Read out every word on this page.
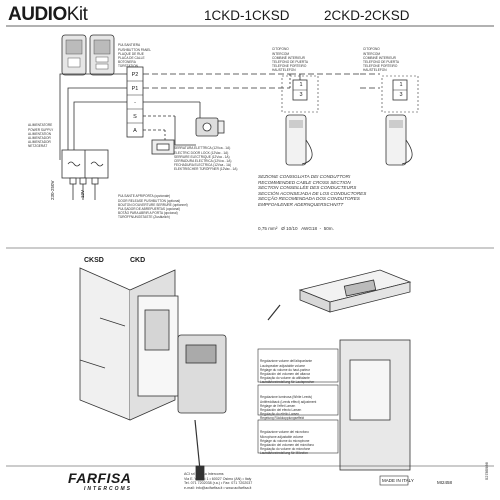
AUDIOKit	1CKD-1CKSD	2CKD-2CKSD

PULSANTIERA
PUSHBUTTON PANEL
PLAQUE DE RUE
PLACA DE CALLE
BOTONERA
TÜRSTATION

CITOFONO
INTERCOM
COMBINÉ INTERIEUR
TELEFONO DE PUERTA
TELEFONE PORTEIRO
HAUSTELEFON

CITOFONO
INTERCOM
COMBINÉ INTERIEUR
TELEFONO DE PUERTA
TELEFONE PORTEIRO
HAUSTELEFON

P2
P1
-
S
A
1
3
1
3

ALIMENTATORE
POWER SUPPLY
ALIMENTATION
ALIMENTADOR
ALIMENTADOR
NETZGERÄT

230-250V	12V

SERRATURA ELETTRICA (12Vca - 1A)
ELECTRIC DOOR LOCK (12Vac - 1A)
SERRURE ELECTRIQUE (12Vca - 1A)
CERRADURA ELECTRICA (12Vca - 1A)
FECHADURA ELECTRICA (12Vca - 1A)
ELEKTRISCHER TÜRÖFFNER (12Vac - 1A)

PULSANTE APRIPORTA (opzionale)
DOOR RELEASE PUSHBUTTON (optional)
BOUTON D'OUVERTURE SERRURE (optionnel)
PULSADOR DE ABREPUERTAS (opcional)
BOTÃO PARA ABRIR A PORTA (opcional)
TÜRÖFFNUNGSTASTE (Zusätzlich)

SEZIONE CONSIGLIATA DEI CONDUTTORI
RECOMMENDED CABLE CROSS SECTION
SECTION CONSEILLÉE DES CONDUCTEURS
SECCIÓN ACONSEJADA DE LOS CONDUCTORES
SECÇÃO RECOMENDADA DOS CONDUTORES
EMPFOHLENER ADERNQUERSCHNITT
0,75 mm²   Ø 10/10   AWG18  -  50m.
CKSD	CKD

Regolazione volume dell'altoparlante
Loudspeaker adjustable volume
Réglage du volume du haut-parleur
Regulación del volumen del altavoz
Regulação do volume do altifalante
Lautstärkeeinstellung für Lautsprecher

Regolazione luminosa (White Leeds)
Antifreddback (Leeds effect) adjustment
Réglage de l'effet Larsen
Regulación del efecto Larsen
Regulação do efeito Larsen
Regelung Rückkopplungseffekt

Regolazione volume del microfono
Microphone adjustable volume
Réglage du volume du microphone
Regulación del volumen del micrófono
Regulação do volume do microfone
Lautstärkeeinstellung für Mikrofon

FARFISA
INTERCOMS
ACI srl Farfisa Intercoms
Via E. Vanoni 1 • 60027 Osimo (AN) • Italy
Tel. 071 7202038 (r.a.) • Fax: 071 7202037
e-mail: info@acifarfisa.it • www.acifarfisa.it
MADE IN ITALY	MI2458
52785986
